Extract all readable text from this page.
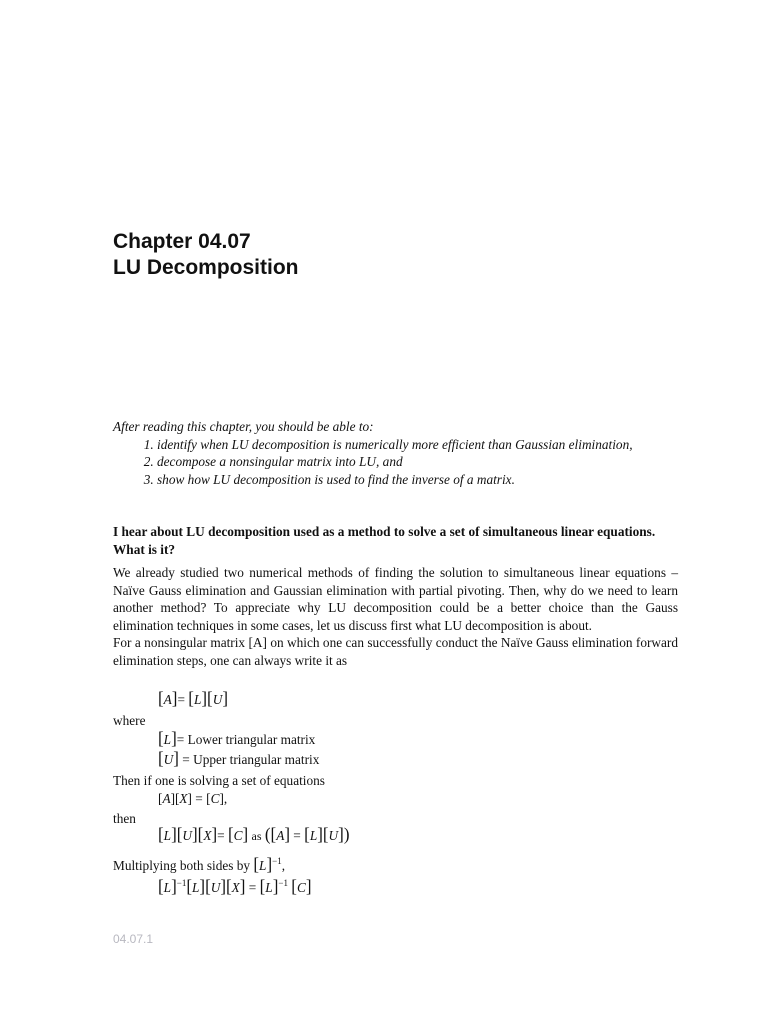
Chapter 04.07
LU Decomposition
After reading this chapter, you should be able to:
1. identify when LU decomposition is numerically more efficient than Gaussian elimination,
2. decompose a nonsingular matrix into LU, and
3. show how LU decomposition is used to find the inverse of a matrix.
I hear about LU decomposition used as a method to solve a set of simultaneous linear equations. What is it?

We already studied two numerical methods of finding the solution to simultaneous linear equations – Naïve Gauss elimination and Gaussian elimination with partial pivoting. Then, why do we need to learn another method? To appreciate why LU decomposition could be a better choice than the Gauss elimination techniques in some cases, let us discuss first what LU decomposition is about.

For a nonsingular matrix [A] on which one can successfully conduct the Naïve Gauss elimination forward elimination steps, one can always write it as

[A]= [L][U]
where
[L]= Lower triangular matrix
[U] = Upper triangular matrix
Then if one is solving a set of equations
[A][X] = [C],
then
[L][U][X]= [C] as ([A] = [L][U])
Multiplying both sides by $[L]^{-1}$,
$[L]^{-1}[L][U][X] = [L]^{-1}$ [C]
04.07.1
